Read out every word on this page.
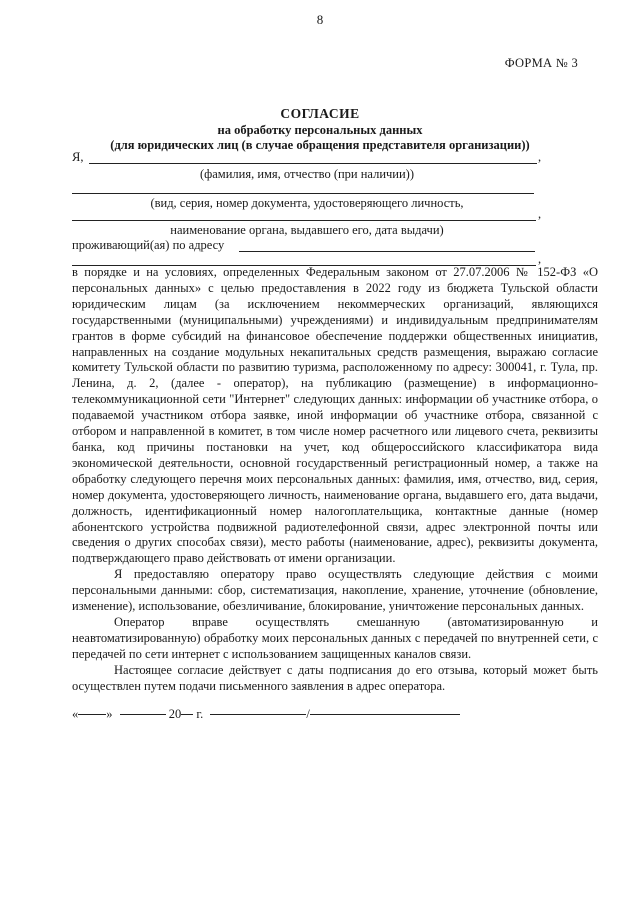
8
ФОРМА № 3
СОГЛАСИЕ
на обработку персональных данных
(для юридических лиц (в случае обращения представителя организации))
Я,	,
(фамилия, имя, отчество (при наличии))
(вид, серия, номер документа, удостоверяющего личность,
,
наименование органа, выдавшего его, дата выдачи)
проживающий(ая) по адресу
,

в порядке и на условиях, определенных Федеральным законом от 27.07.2006 № 152-ФЗ «О персональных данных» с целью предоставления в 2022 году из бюджета Тульской области юридическим лицам (за исключением некоммерческих организаций, являющихся государственными (муниципальными) учреждениями) и индивидуальным предпринимателям грантов в форме субсидий на финансовое обеспечение поддержки общественных инициатив, направленных на создание модульных некапитальных средств размещения, выражаю согласие комитету Тульской области по развитию туризма, расположенному по адресу: 300041, г. Тула, пр. Ленина, д. 2, (далее - оператор), на публикацию (размещение) в информационно-телекоммуникационной сети "Интернет" следующих данных: информации об участнике отбора, о подаваемой участником отбора заявке, иной информации об участнике отбора, связанной с отбором и направленной в комитет, в том числе номер расчетного или лицевого счета, реквизиты банка, код причины постановки на учет, код общероссийского классификатора вида экономической деятельности, основной государственный регистрационный номер, а также на обработку следующего перечня моих персональных данных: фамилия, имя, отчество, вид, серия, номер документа, удостоверяющего личность, наименование органа, выдавшего его, дата выдачи, должность, идентификационный номер налогоплательщика, контактные данные (номер абонентского устройства подвижной радиотелефонной связи, адрес электронной почты или сведения о других способах связи), место работы (наименование, адрес), реквизиты документа, подтверждающего право действовать от имени организации.

Я предоставляю оператору право осуществлять следующие действия с моими персональными данными: сбор, систематизация, накопление, хранение, уточнение (обновление, изменение), использование, обезличивание, блокирование, уничтожение персональных данных.

Оператор вправе осуществлять смешанную (автоматизированную и неавтоматизированную) обработку моих персональных данных с передачей по внутренней сети, с передачей по сети интернет с использованием защищенных каналов связи.

Настоящее согласие действует с даты подписания до его отзыва, который может быть осуществлен путем подачи письменного заявления в адрес оператора.

« »	20 г.	/
